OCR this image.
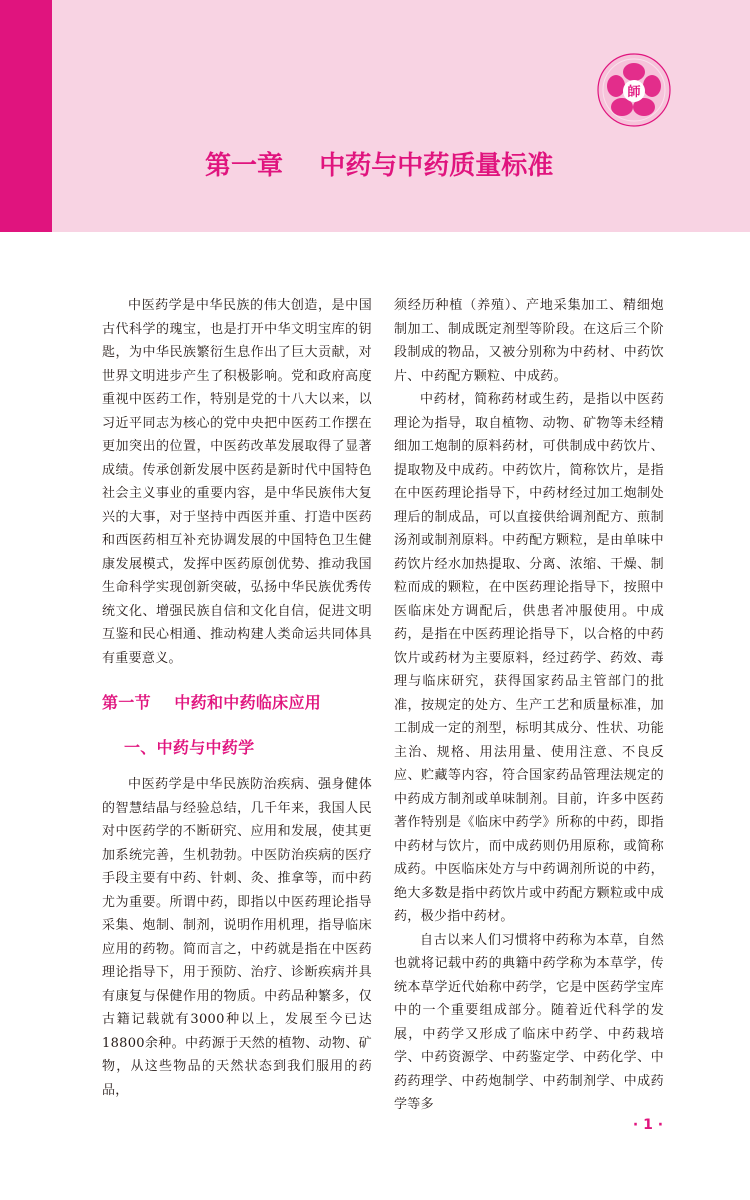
師
第一章    中药与中药质量标准

中医药学是中华民族的伟大创造，是中国古代科学的瑰宝，也是打开中华文明宝库的钥匙，为中华民族繁衍生息作出了巨大贡献，对世界文明进步产生了积极影响。党和政府高度重视中医药工作，特别是党的十八大以来，以习近平同志为核心的党中央把中医药工作摆在更加突出的位置，中医药改革发展取得了显著成绩。传承创新发展中医药是新时代中国特色社会主义事业的重要内容，是中华民族伟大复兴的大事，对于坚持中西医并重、打造中医药和西医药相互补充协调发展的中国特色卫生健康发展模式，发挥中医药原创优势、推动我国生命科学实现创新突破，弘扬中华民族优秀传统文化、增强民族自信和文化自信，促进文明互鉴和民心相通、推动构建人类命运共同体具有重要意义。

第一节    中药和中药临床应用
一、中药与中药学

中医药学是中华民族防治疾病、强身健体的智慧结晶与经验总结，几千年来，我国人民对中医药学的不断研究、应用和发展，使其更加系统完善，生机勃勃。中医防治疾病的医疗手段主要有中药、针刺、灸、推拿等，而中药尤为重要。所谓中药，即指以中医药理论指导采集、炮制、制剂，说明作用机理，指导临床应用的药物。简而言之，中药就是指在中医药理论指导下，用于预防、治疗、诊断疾病并具有康复与保健作用的物质。中药品种繁多，仅古籍记载就有3000种以上，发展至今已达18800余种。中药源于天然的植物、动物、矿物，从这些物品的天然状态到我们服用的药品，

须经历种植（养殖）、产地采集加工、精细炮制加工、制成既定剂型等阶段。在这后三个阶段制成的物品，又被分别称为中药材、中药饮片、中药配方颗粒、中成药。

中药材，简称药材或生药，是指以中医药理论为指导，取自植物、动物、矿物等未经精细加工炮制的原料药材，可供制成中药饮片、提取物及中成药。中药饮片，简称饮片，是指在中医药理论指导下，中药材经过加工炮制处理后的制成品，可以直接供给调剂配方、煎制汤剂或制剂原料。中药配方颗粒，是由单味中药饮片经水加热提取、分离、浓缩、干燥、制粒而成的颗粒，在中医药理论指导下，按照中医临床处方调配后，供患者冲服使用。中成药，是指在中医药理论指导下，以合格的中药饮片或药材为主要原料，经过药学、药效、毒理与临床研究，获得国家药品主管部门的批准，按规定的处方、生产工艺和质量标准，加工制成一定的剂型，标明其成分、性状、功能主治、规格、用法用量、使用注意、不良反应、贮藏等内容，符合国家药品管理法规定的中药成方制剂或单味制剂。目前，许多中医药著作特别是《临床中药学》所称的中药，即指中药材与饮片，而中成药则仍用原称，或简称成药。中医临床处方与中药调剂所说的中药，绝大多数是指中药饮片或中药配方颗粒或中成药，极少指中药材。

自古以来人们习惯将中药称为本草，自然也就将记载中药的典籍中药学称为本草学，传统本草学近代始称中药学，它是中医药学宝库中的一个重要组成部分。随着近代科学的发展，中药学又形成了临床中药学、中药栽培学、中药资源学、中药鉴定学、中药化学、中药药理学、中药炮制学、中药制剂学、中成药学等多

· 1 ·
